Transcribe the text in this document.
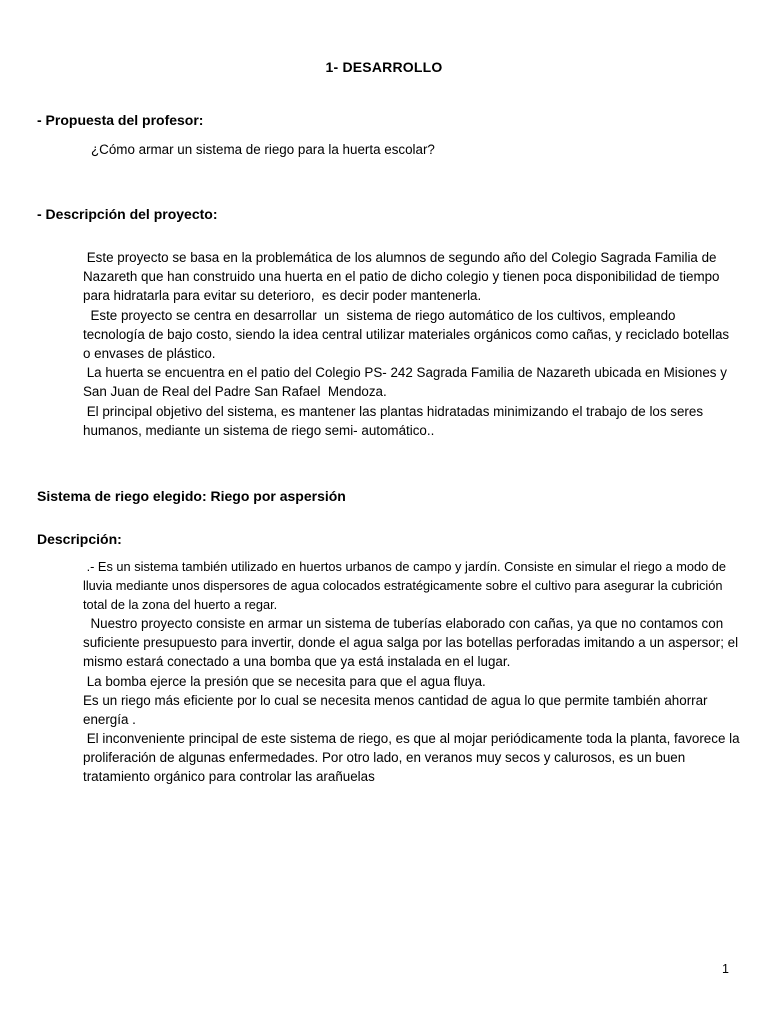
1- DESARROLLO
- Propuesta del profesor:
¿Cómo armar un sistema de riego para la huerta escolar?
- Descripción del proyecto:

Este proyecto se basa en la problemática de los alumnos de segundo año del Colegio Sagrada Familia de Nazareth que han construido una huerta en el patio de dicho colegio y tienen poca disponibilidad de tiempo para hidratarla para evitar su deterioro,  es decir poder mantenerla.

Este proyecto se centra en desarrollar  un  sistema de riego automático de los cultivos, empleando tecnología de bajo costo, siendo la idea central utilizar materiales orgánicos como cañas, y reciclado botellas o envases de plástico.

La huerta se encuentra en el patio del Colegio PS- 242 Sagrada Familia de Nazareth ubicada en Misiones y San Juan de Real del Padre San Rafael  Mendoza.

El principal objetivo del sistema, es mantener las plantas hidratadas minimizando el trabajo de los seres humanos, mediante un sistema de riego semi- automático..

Sistema de riego elegido: Riego por aspersión
Descripción:

.- Es un sistema también utilizado en huertos urbanos de campo y jardín. Consiste en simular el riego a modo de lluvia mediante unos dispersores de agua colocados estratégicamente sobre el cultivo para asegurar la cubrición total de la zona del huerto a regar.

Nuestro proyecto consiste en armar un sistema de tuberías elaborado con cañas, ya que no contamos con suficiente presupuesto para invertir, donde el agua salga por las botellas perforadas imitando a un aspersor; el mismo estará conectado a una bomba que ya está instalada en el lugar.

La bomba ejerce la presión que se necesita para que el agua fluya.

Es un riego más eficiente por lo cual se necesita menos cantidad de agua lo que permite también ahorrar energía .

El inconveniente principal de este sistema de riego, es que al mojar periódicamente toda la planta, favorece la proliferación de algunas enfermedades. Por otro lado, en veranos muy secos y calurosos, es un buen tratamiento orgánico para controlar las arañuelas

1
